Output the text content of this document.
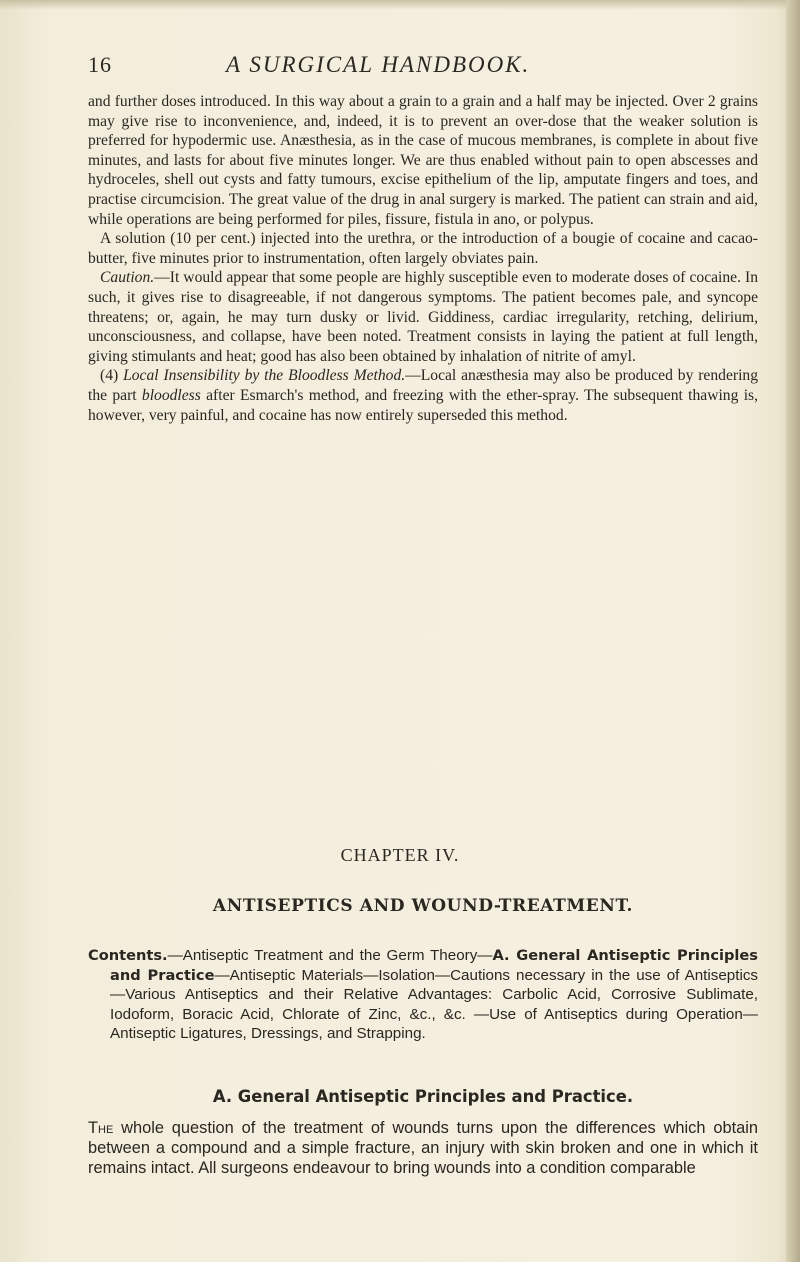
16	A SURGICAL HANDBOOK.

and further doses introduced. In this way about a grain to a grain and a half may be injected. Over 2 grains may give rise to inconvenience, and, indeed, it is to prevent an over-dose that the weaker solution is preferred for hypodermic use. Anæsthesia, as in the case of mucous membranes, is complete in about five minutes, and lasts for about five minutes longer. We are thus enabled without pain to open abscesses and hydroceles, shell out cysts and fatty tumours, excise epithelium of the lip, amputate fingers and toes, and practise circumcision. The great value of the drug in anal surgery is marked. The patient can strain and aid, while operations are being performed for piles, fissure, fistula in ano, or polypus.

A solution (10 per cent.) injected into the urethra, or the introduction of a bougie of cocaine and cacao-butter, five minutes prior to instrumentation, often largely obviates pain.

Caution.—It would appear that some people are highly susceptible even to moderate doses of cocaine. In such, it gives rise to disagreeable, if not dangerous symptoms. The patient becomes pale, and syncope threatens; or, again, he may turn dusky or livid. Giddiness, cardiac irregularity, retching, delirium, unconsciousness, and collapse, have been noted. Treatment consists in laying the patient at full length, giving stimulants and heat; good has also been obtained by inhalation of nitrite of amyl.

(4) Local Insensibility by the Bloodless Method.—Local anæsthesia may also be produced by rendering the part bloodless after Esmarch's method, and freezing with the ether-spray. The subsequent thawing is, however, very painful, and cocaine has now entirely superseded this method.

CHAPTER IV.
ANTISEPTICS AND WOUND-TREATMENT.

Contents.—Antiseptic Treatment and the Germ Theory—A. General Antiseptic Principles and Practice—Antiseptic Materials—Isolation—Cautions necessary in the use of Antiseptics—Various Antiseptics and their Relative Advantages: Carbolic Acid, Corrosive Sublimate, Iodoform, Boracic Acid, Chlorate of Zinc, &c., &c. —Use of Antiseptics during Operation—Antiseptic Ligatures, Dressings, and Strapping.

A. General Antiseptic Principles and Practice.
The whole question of the treatment of wounds turns upon the differences which obtain between a compound and a simple fracture, an injury with skin broken and one in which it remains intact. All surgeons endeavour to bring wounds into a condition comparable
